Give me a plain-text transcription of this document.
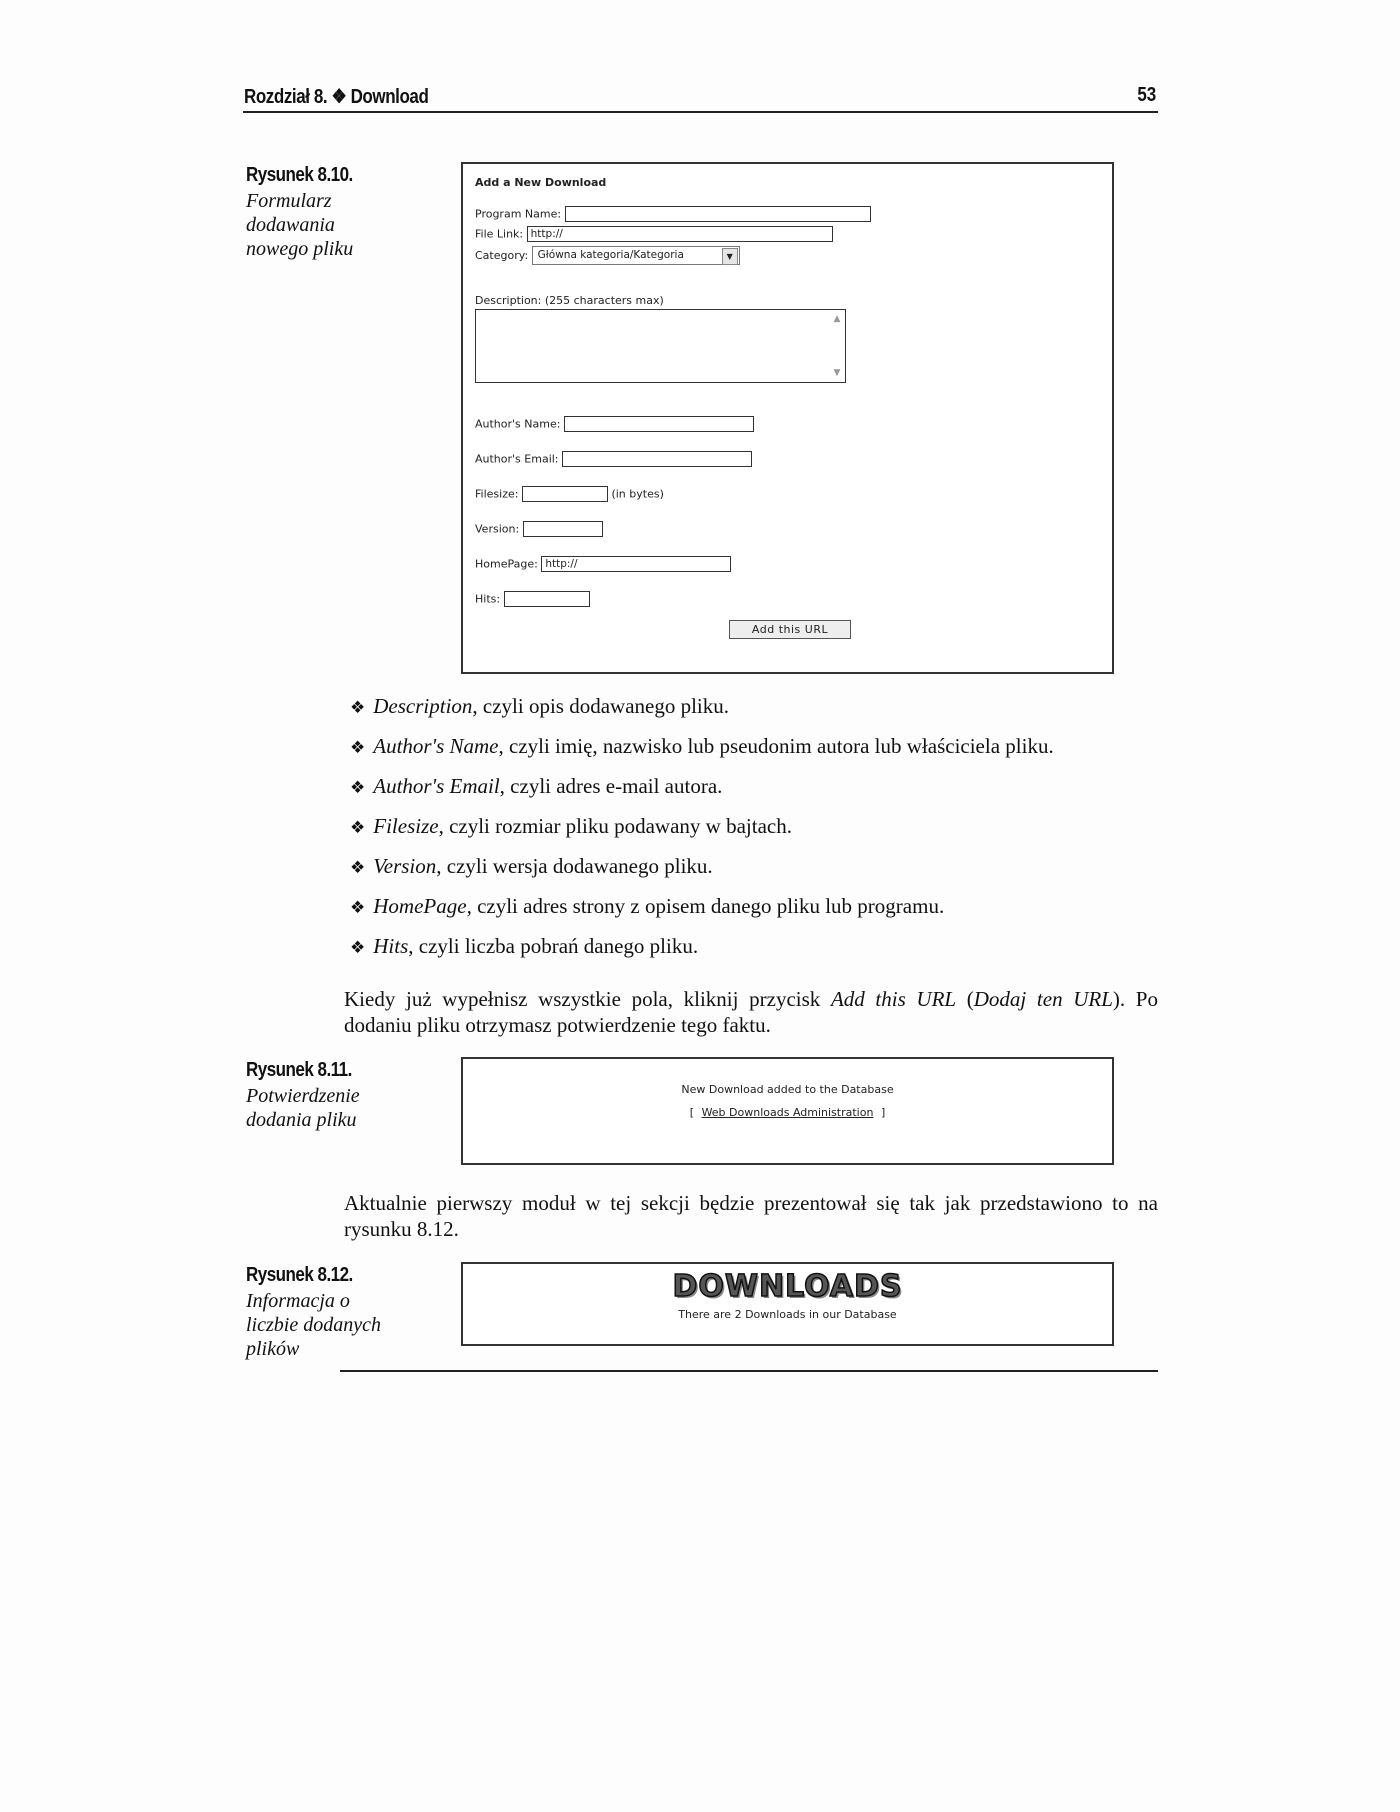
Rozdział 8. ❖ Download	53
Rysunek 8.10.
Formularz dodawania nowego pliku
Add a New Download
Program Name:
File Link: http://
Category: Główna kategoria/Kategoria	▼
Description: (255 characters max)
▲
▼
Author's Name:
Author's Email:
Filesize:	(in bytes)
Version:
HomePage: http://
Hits:
Add this URL
❖ Description, czyli opis dodawanego pliku.
❖ Author's Name, czyli imię, nazwisko lub pseudonim autora lub właściciela pliku.
❖ Author's Email, czyli adres e-mail autora.
❖ Filesize, czyli rozmiar pliku podawany w bajtach.
❖ Version, czyli wersja dodawanego pliku.
❖ HomePage, czyli adres strony z opisem danego pliku lub programu.
❖ Hits, czyli liczba pobrań danego pliku.
Kiedy już wypełnisz wszystkie pola, kliknij przycisk Add this URL (Dodaj ten URL). Po dodaniu pliku otrzymasz potwierdzenie tego faktu.
Rysunek 8.11.
Potwierdzenie dodania pliku
New Download added to the Database
[ Web Downloads Administration ]
Aktualnie pierwszy moduł w tej sekcji będzie prezentował się tak jak przedstawiono to na rysunku 8.12.
Rysunek 8.12.
Informacja o liczbie dodanych plików
DOWNLOADS
There are 2 Downloads in our Database
